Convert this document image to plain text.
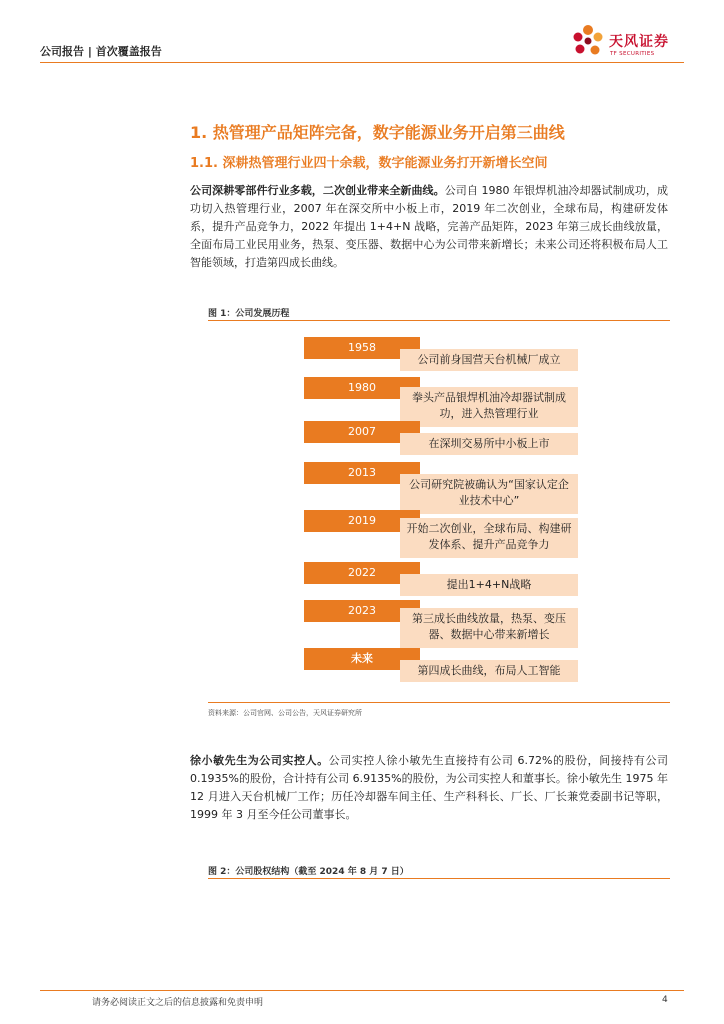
公司报告 | 首次覆盖报告
天风证券
TF SECURITIES
1. 热管理产品矩阵完备，数字能源业务开启第三曲线
1.1. 深耕热管理行业四十余载，数字能源业务打开新增长空间
公司深耕零部件行业多载，二次创业带来全新曲线。公司自 1980 年银焊机油冷却器试制成功，成功切入热管理行业，2007 年在深交所中小板上市，2019 年二次创业，全球布局，构建研发体系，提升产品竞争力，2022 年提出 1+4+N 战略，完善产品矩阵，2023 年第三成长曲线放量，全面布局工业民用业务，热泵、变压器、数据中心为公司带来新增长；未来公司还将积极布局人工智能领域，打造第四成长曲线。
图 1：公司发展历程
1958
公司前身国营天台机械厂成立
1980
拳头产品银焊机油冷却器试制成功，进入热管理行业
2007
在深圳交易所中小板上市
2013
公司研究院被确认为“国家认定企业技术中心”
2019
开始二次创业，全球布局、构建研发体系、提升产品竞争力
2022
提出1+4+N战略
2023
第三成长曲线放量，热泵、变压器、数据中心带来新增长
未来
第四成长曲线，布局人工智能
资料来源：公司官网、公司公告，天风证券研究所
徐小敏先生为公司实控人。公司实控人徐小敏先生直接持有公司 6.72%的股份，间接持有公司 0.1935%的股份，合计持有公司 6.9135%的股份，为公司实控人和董事长。徐小敏先生 1975 年 12 月进入天台机械厂工作；历任冷却器车间主任、生产科科长、厂长、厂长兼党委副书记等职，1999 年 3 月至今任公司董事长。
图 2：公司股权结构（截至 2024 年 8 月 7 日）
请务必阅读正文之后的信息披露和免责申明	4
